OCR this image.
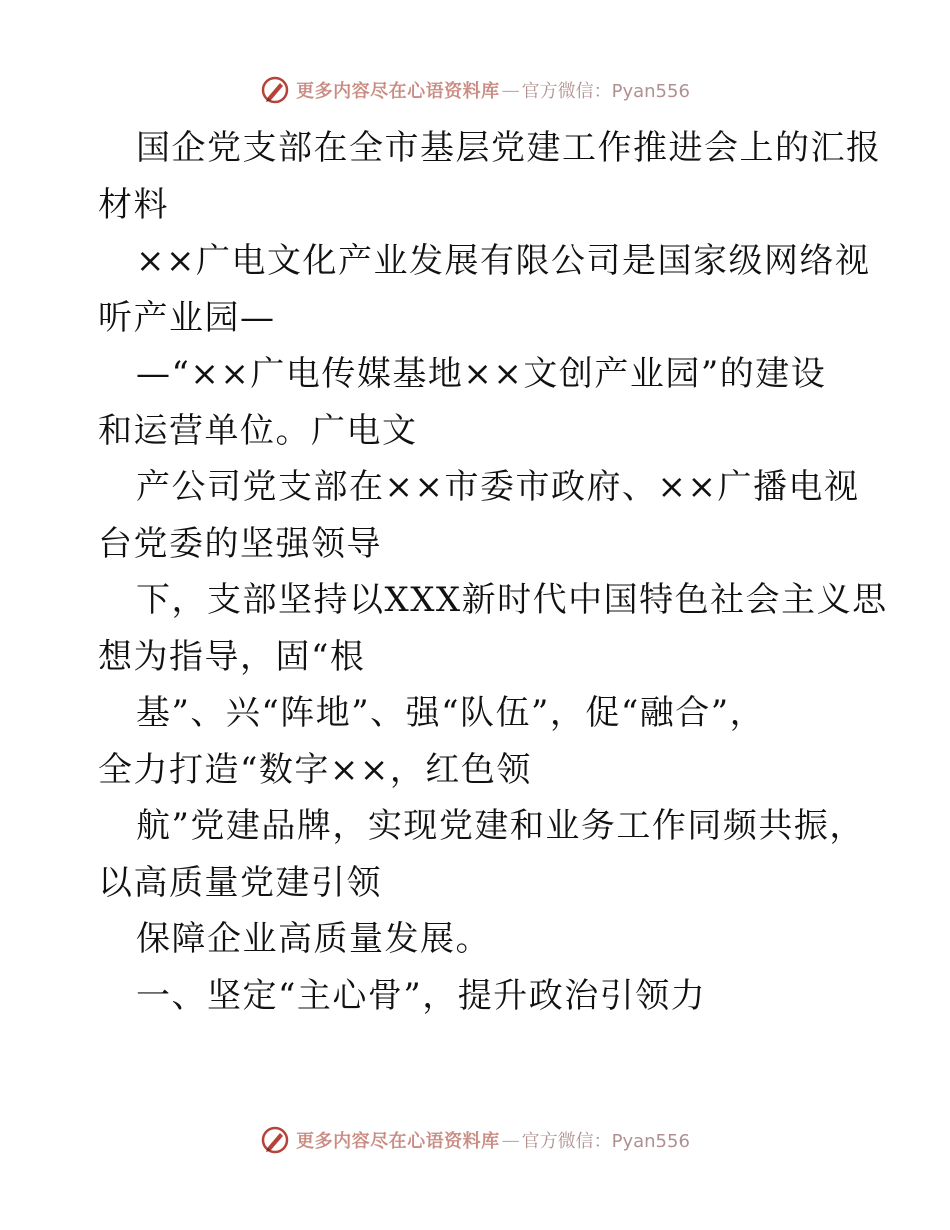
更多内容尽在心语资料库 — 官方微信：Pyan556
国企党支部在全市基层党建工作推进会上的汇报
材料
××广电文化产业发展有限公司是国家级网络视
听产业园—
—“××广电传媒基地××文创产业园”的建设
和运营单位。广电文
产公司党支部在××市委市政府、××广播电视
台党委的坚强领导
下，支部坚持以XXX新时代中国特色社会主义思
想为指导，固“根
基”、兴“阵地”、强“队伍”，促“融合”，
全力打造“数字××，红色领
航”党建品牌，实现党建和业务工作同频共振，
以高质量党建引领
保障企业高质量发展。
一、坚定“主心骨”，提升政治引领力
更多内容尽在心语资料库 — 官方微信：Pyan556
